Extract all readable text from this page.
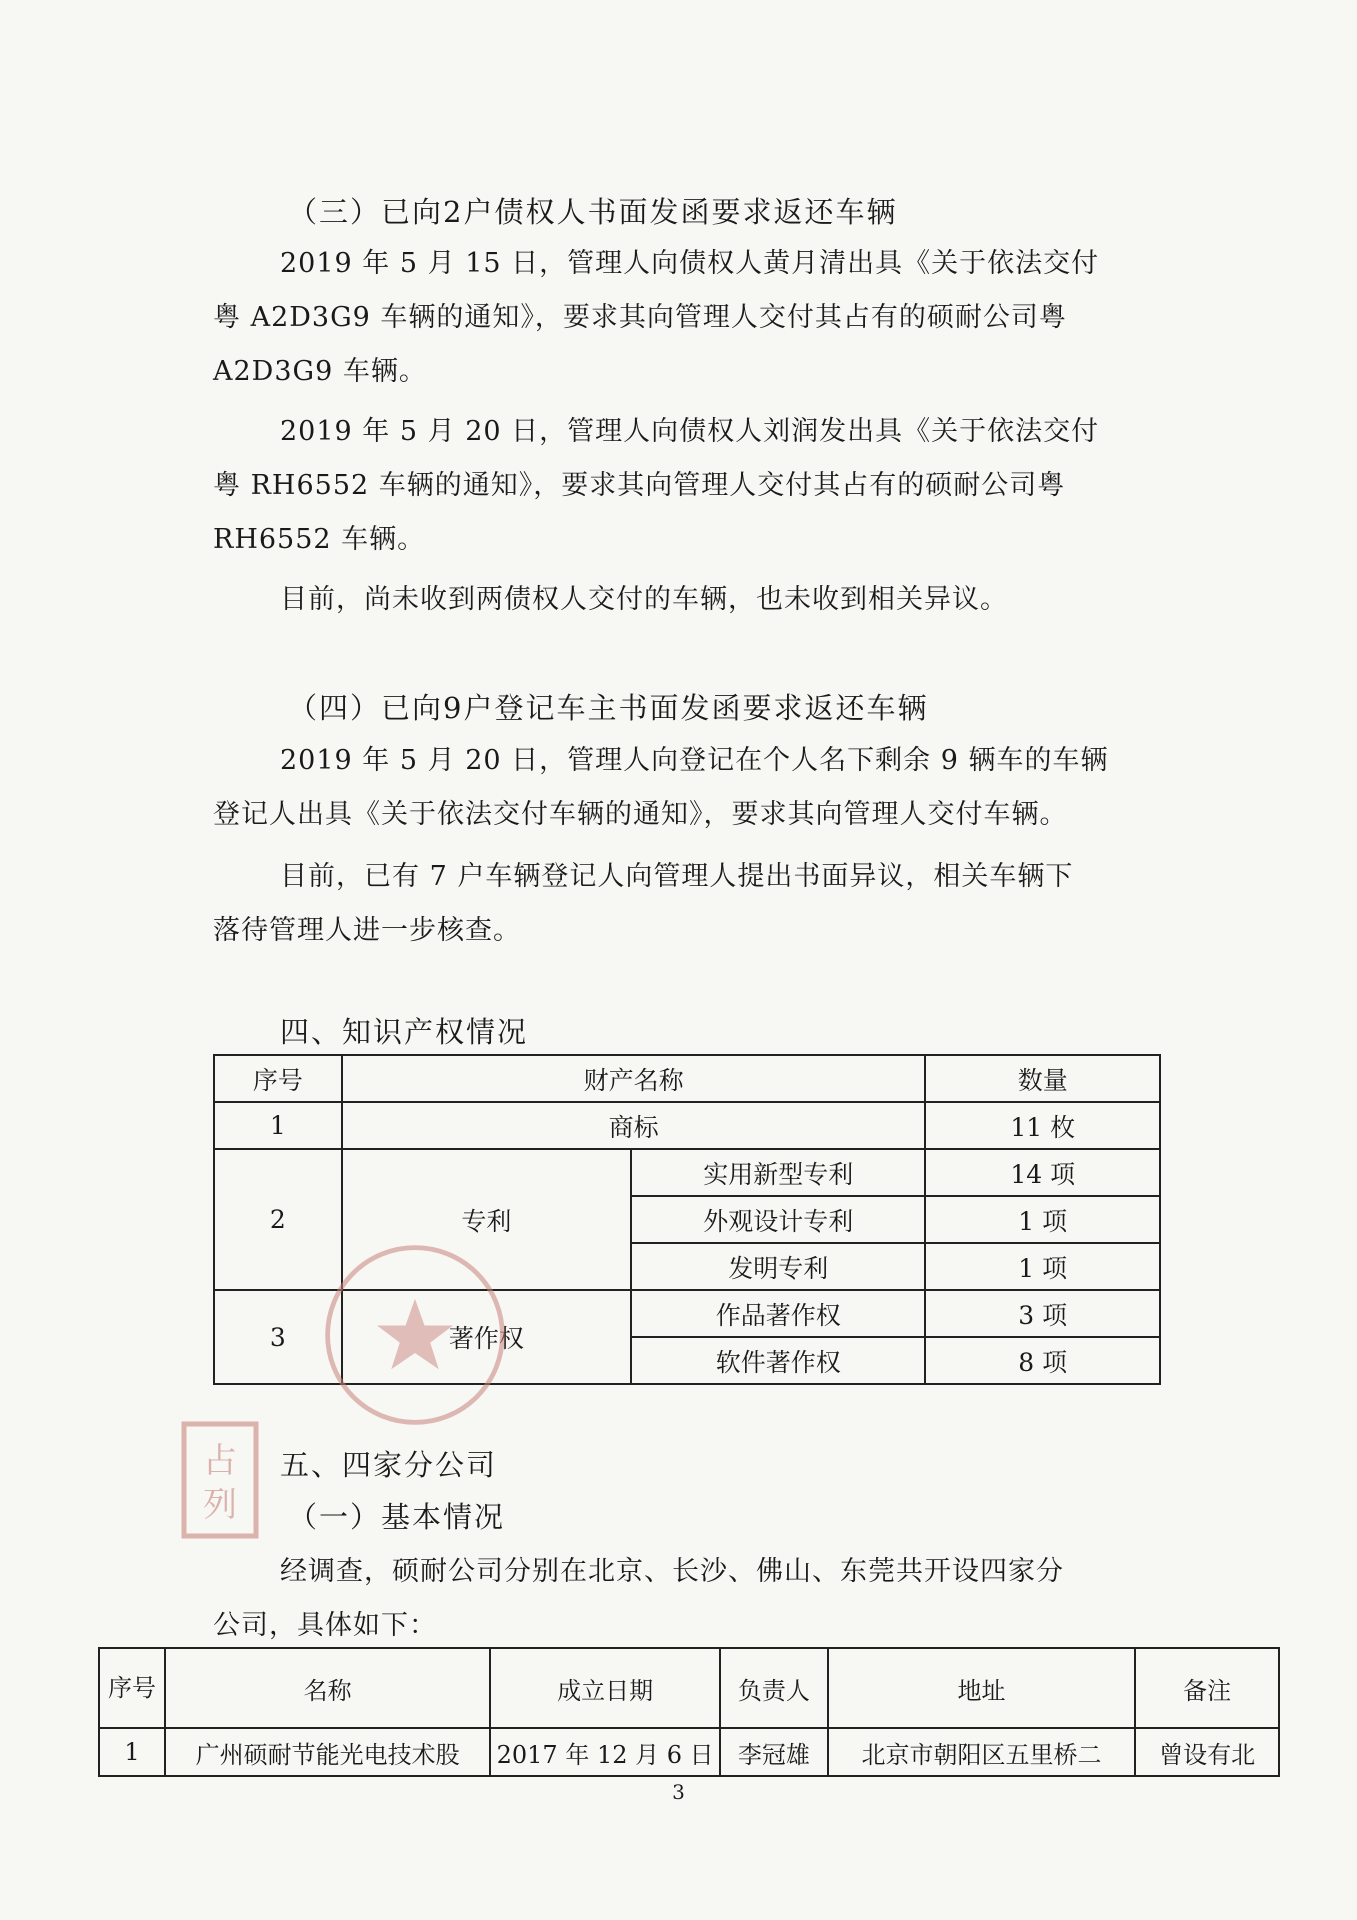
（三）已向2户债权人书面发函要求返还车辆
2019 年 5 月 15 日，管理人向债权人黄月清出具《关于依法交付
粤 A2D3G9 车辆的通知》，要求其向管理人交付其占有的硕耐公司粤
A2D3G9 车辆。
2019 年 5 月 20 日，管理人向债权人刘润发出具《关于依法交付
粤 RH6552 车辆的通知》，要求其向管理人交付其占有的硕耐公司粤
RH6552 车辆。
目前，尚未收到两债权人交付的车辆，也未收到相关异议。
（四）已向9户登记车主书面发函要求返还车辆
2019 年 5 月 20 日，管理人向登记在个人名下剩余 9 辆车的车辆
登记人出具《关于依法交付车辆的通知》，要求其向管理人交付车辆。
目前，已有 7 户车辆登记人向管理人提出书面异议，相关车辆下
落待管理人进一步核查。
四、知识产权情况
序号	财产名称		数量
1	商标		11 枚
2	专利	实用新型专利	14 项
		外观设计专利	1 项
		发明专利	1 项
3	著作权	作品著作权	3 项
		软件著作权	8 项
占
列
五、四家分公司
（一）基本情况
经调查，硕耐公司分别在北京、长沙、佛山、东莞共开设四家分
公司，具体如下：
序号	名称	成立日期	负责人	地址	备注
1	广州硕耐节能光电技术股	2017 年 12 月 6 日	李冠雄	北京市朝阳区五里桥二	曾设有北
3
